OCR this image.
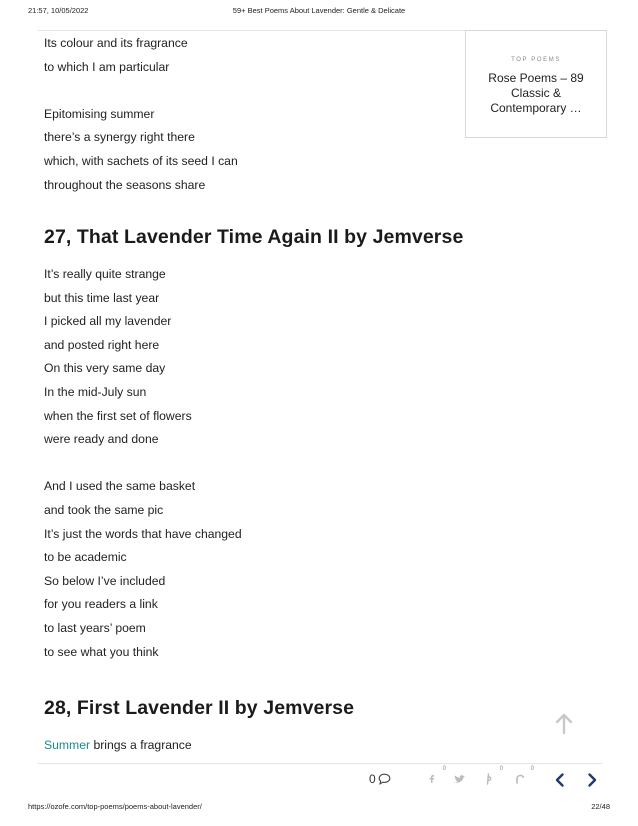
21:57, 10/05/2022	59+ Best Poems About Lavender: Gentle & Delicate
Its colour and its fragrance
to which I am particular
Epitomising summer
there’s a synergy right there
which, with sachets of its seed I can
throughout the seasons share
27, That Lavender Time Again II by Jemverse
It’s really quite strange
but this time last year
I picked all my lavender
and posted right here
On this very same day
In the mid-July sun
when the first set of flowers
were ready and done
And I used the same basket
and took the same pic
It’s just the words that have changed
to be academic
So below I’ve included
for you readers a link
to last years’ poem
to see what you think
28, First Lavender II by Jemverse
Summer brings a fragrance
TOP POEMS
Rose Poems – 89 Classic & Contemporary …
0
0	0	0
https://ozofe.com/top-poems/poems-about-lavender/	22/48
